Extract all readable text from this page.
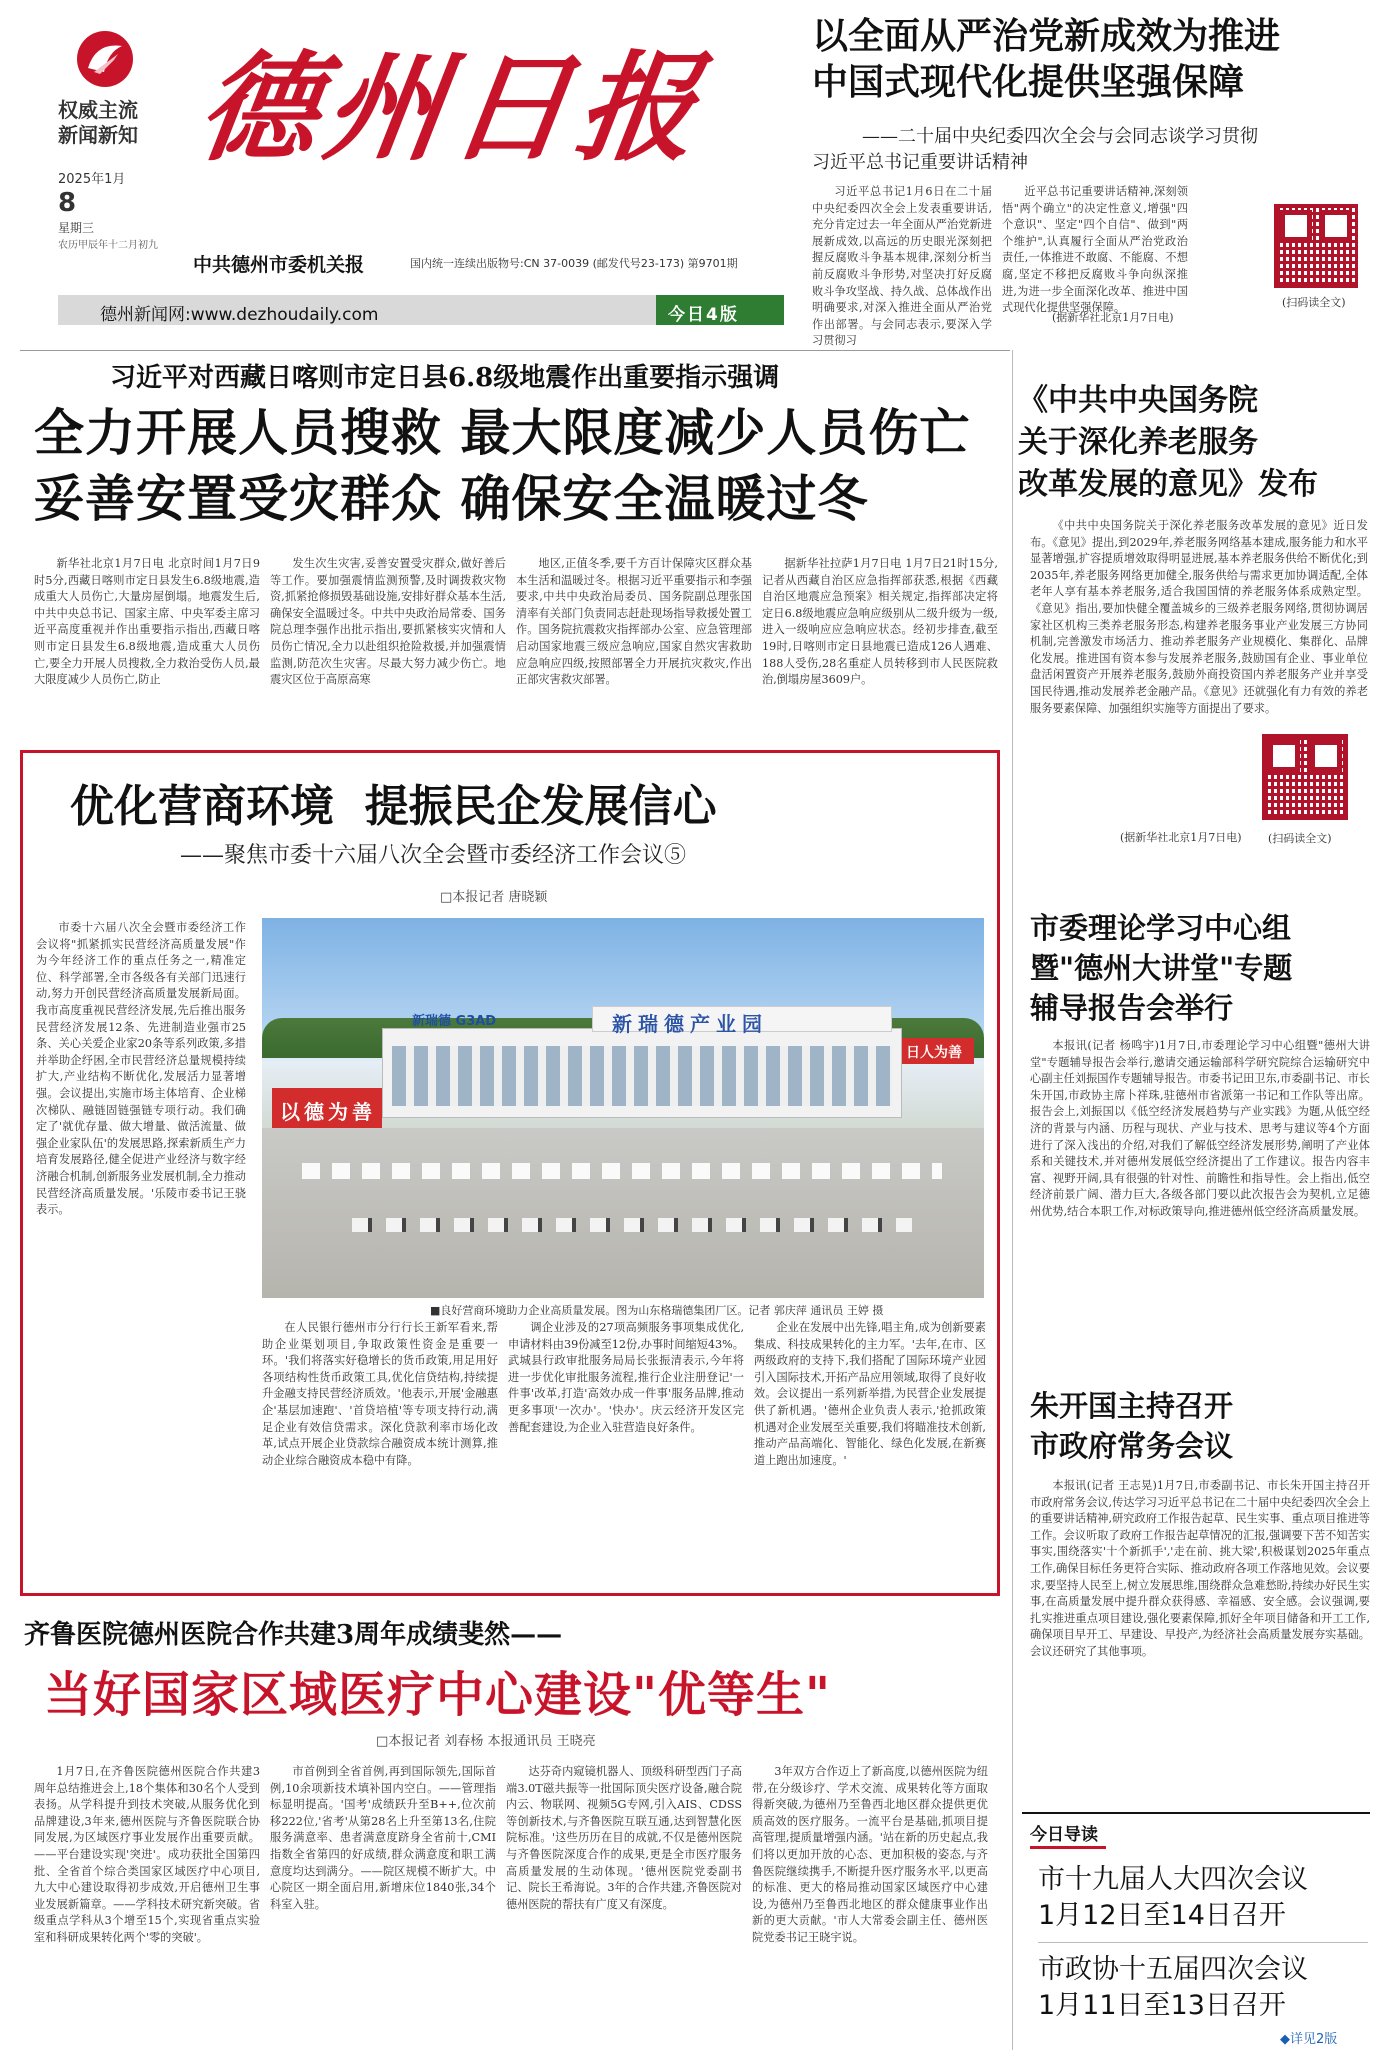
权威主流
新闻新知
2025年1月
8
星期三
农历甲辰年十二月初九
德州日报
中共德州市委机关报	国内统一连续出版物号:CN 37-0039 (邮发代号23-173) 第9701期
德州新闻网:www.dezhoudaily.com	今日4版
以全面从严治党新成效为推进
中国式现代化提供坚强保障
——二十届中央纪委四次全会与会同志谈学习贯彻
习近平总书记重要讲话精神

习近平总书记1月6日在二十届中央纪委四次全会上发表重要讲话,充分肯定过去一年全面从严治党新进展新成效,以高远的历史眼光深刻把握反腐败斗争基本规律,深刻分析当前反腐败斗争形势,对坚决打好反腐败斗争攻坚战、持久战、总体战作出明确要求,对深入推进全面从严治党作出部署。与会同志表示,要深入学习贯彻习

近平总书记重要讲话精神,深刻领悟"两个确立"的决定性意义,增强"四个意识"、坚定"四个自信"、做到"两个维护",认真履行全面从严治党政治责任,一体推进不敢腐、不能腐、不想腐,坚定不移把反腐败斗争向纵深推进,为进一步全面深化改革、推进中国式现代化提供坚强保障。

(据新华社北京1月7日电)
(扫码读全文)
习近平对西藏日喀则市定日县6.8级地震作出重要指示强调
全力开展人员搜救 最大限度减少人员伤亡
妥善安置受灾群众 确保安全温暖过冬

新华社北京1月7日电 北京时间1月7日9时5分,西藏日喀则市定日县发生6.8级地震,造成重大人员伤亡,大量房屋倒塌。地震发生后,中共中央总书记、国家主席、中央军委主席习近平高度重视并作出重要指示指出,西藏日喀则市定日县发生6.8级地震,造成重大人员伤亡,要全力开展人员搜救,全力救治受伤人员,最大限度减少人员伤亡,防止

发生次生灾害,妥善安置受灾群众,做好善后等工作。要加强震情监测预警,及时调拨救灾物资,抓紧抢修损毁基础设施,安排好群众基本生活,确保安全温暖过冬。中共中央政治局常委、国务院总理李强作出批示指出,要抓紧核实灾情和人员伤亡情况,全力以赴组织抢险救援,并加强震情监测,防范次生灾害。尽最大努力减少伤亡。地震灾区位于高原高寒

地区,正值冬季,要千方百计保障灾区群众基本生活和温暖过冬。根据习近平重要指示和李强要求,中共中央政治局委员、国务院副总理张国清率有关部门负责同志赶赴现场指导救援处置工作。国务院抗震救灾指挥部办公室、应急管理部启动国家地震三级应急响应,国家自然灾害救助应急响应四级,按照部署全力开展抗灾救灾,作出正部灾害救灾部署。

据新华社拉萨1月7日电 1月7日21时15分,记者从西藏自治区应急指挥部获悉,根据《西藏自治区地震应急预案》相关规定,指挥部决定将定日6.8级地震应急响应级别从二级升级为一级,进入一级响应应急响应状态。经初步排查,截至19时,日喀则市定日县地震已造成126人遇难、188人受伤,28名重症人员转移到市人民医院救治,倒塌房屋3609户。

《中共中央国务院
关于深化养老服务
改革发展的意见》发布

《中共中央国务院关于深化养老服务改革发展的意见》近日发布。《意见》提出,到2029年,养老服务网络基本建成,服务能力和水平显著增强,扩容提质增效取得明显进展,基本养老服务供给不断优化;到2035年,养老服务网络更加健全,服务供给与需求更加协调适配,全体老年人享有基本养老服务,适合我国国情的养老服务体系成熟定型。《意见》指出,要加快健全覆盖城乡的三级养老服务网络,贯彻协调居家社区机构三类养老服务形态,构建养老服务事业产业发展三方协同机制,完善激发市场活力、推动养老服务产业规模化、集群化、品牌化发展。推进国有资本参与发展养老服务,鼓励国有企业、事业单位盘活闲置资产开展养老服务,鼓励外商投资国内养老服务产业并享受国民待遇,推动发展养老金融产品。《意见》还就强化有力有效的养老服务要素保障、加强组织实施等方面提出了要求。

(据新华社北京1月7日电) (扫码读全文)
优化营商环境  提振民企发展信心
——聚焦市委十六届八次全会暨市委经济工作会议⑤
□本报记者 唐晓颖

市委十六届八次全会暨市委经济工作会议将"抓紧抓实民营经济高质量发展"作为今年经济工作的重点任务之一,精准定位、科学部署,全市各级各有关部门迅速行动,努力开创民营经济高质量发展新局面。我市高度重视民营经济发展,先后推出服务民营经济发展12条、先进制造业强市25条、关心关爱企业家20条等系列政策,多措并举助企纾困,全市民营经济总量规模持续扩大,产业结构不断优化,发展活力显著增强。会议提出,实施市场主体培育、企业梯次梯队、融链固链强链专项行动。我们确定了'就优存量、做大增量、做活流量、做强企业家队伍'的发展思路,探索新质生产力培育发展路径,健全促进产业经济与数字经济融合机制,创新服务业发展机制,全力推动民营经济高质量发展。'乐陵市委书记王骁表示。

新瑞德产业园
新瑞德 G3AD
以德为善
日人为善
■良好营商环境助力企业高质量发展。图为山东格瑞德集团厂区。记者 郭庆萍 通讯员 王婷 摄

在人民银行德州市分行行长王新军看来,帮助企业渠划项目,争取政策性资金是重要一环。'我们将落实好稳增长的货币政策,用足用好各项结构性货币政策工具,优化信贷结构,持续提升金融支持民营经济质效。'他表示,开展'金融惠企'基层加速跑'、'首贷培植'等专项支持行动,满足企业有效信贷需求。深化贷款利率市场化改革,试点开展企业贷款综合融资成本统计测算,推动企业综合融资成本稳中有降。

调企业涉及的27项高频服务事项集成优化,申请材料由39份减至12份,办事时间缩短43%。武城县行政审批服务局局长张振清表示,今年将进一步优化审批服务流程,推行企业注册登记'一件事'改革,打造'高效办成一件事'服务品牌,推动更多事项'一次办'。'快办'。庆云经济开发区完善配套建设,为企业入驻营造良好条件。

企业在发展中出先锋,唱主角,成为创新要素集成、科技成果转化的主力军。'去年,在市、区两级政府的支持下,我们搭配了国际环境产业园引入国际技术,开拓产品应用领域,取得了良好收效。会议提出一系列新举措,为民营企业发展提供了新机遇。'德州企业负责人表示,'抢抓政策机遇对企业发展至关重要,我们将瞄准技术创新,推动产品高端化、智能化、绿色化发展,在新赛道上跑出加速度。'

市委理论学习中心组
暨"德州大讲堂"专题
辅导报告会举行

本报讯(记者 杨鸣宇)1月7日,市委理论学习中心组暨"德州大讲堂"专题辅导报告会举行,邀请交通运输部科学研究院综合运输研究中心副主任刘振国作专题辅导报告。市委书记田卫东,市委副书记、市长朱开国,市政协主席卜祥珠,驻德州市省派第一书记和工作队等出席。报告会上,刘振国以《低空经济发展趋势与产业实践》为题,从低空经济的背景与内涵、历程与现状、产业与技术、思考与建议等4个方面进行了深入浅出的介绍,对我们了解低空经济发展形势,阐明了产业体系和关键技术,并对德州发展低空经济提出了工作建议。报告内容丰富、视野开阔,具有很强的针对性、前瞻性和指导性。会上指出,低空经济前景广阔、潜力巨大,各级各部门要以此次报告会为契机,立足德州优势,结合本职工作,对标政策导向,推进德州低空经济高质量发展。

朱开国主持召开
市政府常务会议

本报讯(记者 王志晃)1月7日,市委副书记、市长朱开国主持召开市政府常务会议,传达学习习近平总书记在二十届中央纪委四次全会上的重要讲话精神,研究政府工作报告起草、民生实事、重点项目推进等工作。会议听取了政府工作报告起草情况的汇报,强调要下苦不知苦实事实,围绕落实'十个新抓手','走在前、挑大梁',积极谋划2025年重点工作,确保目标任务更符合实际、推动政府各项工作落地见效。会议要求,要坚持人民至上,树立发展思维,围绕群众急难愁盼,持续办好民生实事,在高质量发展中提升群众获得感、幸福感、安全感。会议强调,要扎实推进重点项目建设,强化要素保障,抓好全年项目储备和开工工作,确保项目早开工、早建设、早投产,为经济社会高质量发展夯实基础。会议还研究了其他事项。

齐鲁医院德州医院合作共建3周年成绩斐然——
当好国家区域医疗中心建设"优等生"
□本报记者 刘春杨 本报通讯员 王晓亮

1月7日,在齐鲁医院德州医院合作共建3周年总结推进会上,18个集体和30名个人受到表扬。从学科提升到技术突破,从服务优化到品牌建设,3年来,德州医院与齐鲁医院联合协同发展,为区域医疗事业发展作出重要贡献。——平台建设实现'突进'。成功获批全国第四批、全省首个综合类国家区域医疗中心项目,九大中心建设取得初步成效,开启德州卫生事业发展新篇章。——学科技术研究新突破。省级重点学科从3个增至15个,实现省重点实验室和科研成果转化两个'零的突破'。

市首例到全省首例,再到国际领先,国际首例,10余项新技术填补国内空白。——管理指标显明提高。'国考'成绩跃升至B++,位次前移222位,'省考'从第28名上升至第13名,住院服务满意率、患者满意度跻身全省前十,CMI指数全省第四的好成绩,群众满意度和职工满意度均达到满分。——院区规模不断扩大。中心院区一期全面启用,新增床位1840张,34个科室入驻。

达芬奇内窥镜机器人、顶级科研型西门子高端3.0T磁共振等一批国际顶尖医疗设备,融合院内云、物联网、视频5G专网,引入AIS、CDSS等创新技术,与齐鲁医院互联互通,达到智慧化医院标准。'这些历历在目的成就,不仅是德州医院与齐鲁医院深度合作的成果,更是全市医疗服务高质量发展的生动体现。'德州医院党委副书记、院长王希海说。3年的合作共建,齐鲁医院对德州医院的帮扶有广度又有深度。

3年双方合作迈上了新高度,以德州医院为纽带,在分级诊疗、学术交流、成果转化等方面取得新突破,为德州乃至鲁西北地区群众提供更优质高效的医疗服务。一流平台是基础,抓项目提高管理,提质量增强内涵。'站在新的历史起点,我们将以更加开放的心态、更加积极的姿态,与齐鲁医院继续携手,不断提升医疗服务水平,以更高的标准、更大的格局推动国家区域医疗中心建设,为德州乃至鲁西北地区的群众健康事业作出新的更大贡献。'市人大常委会副主任、德州医院党委书记王晓宇说。

今日导读
市十九届人大四次会议
1月12日至14日召开
市政协十五届四次会议
1月11日至13日召开
◆详见2版
